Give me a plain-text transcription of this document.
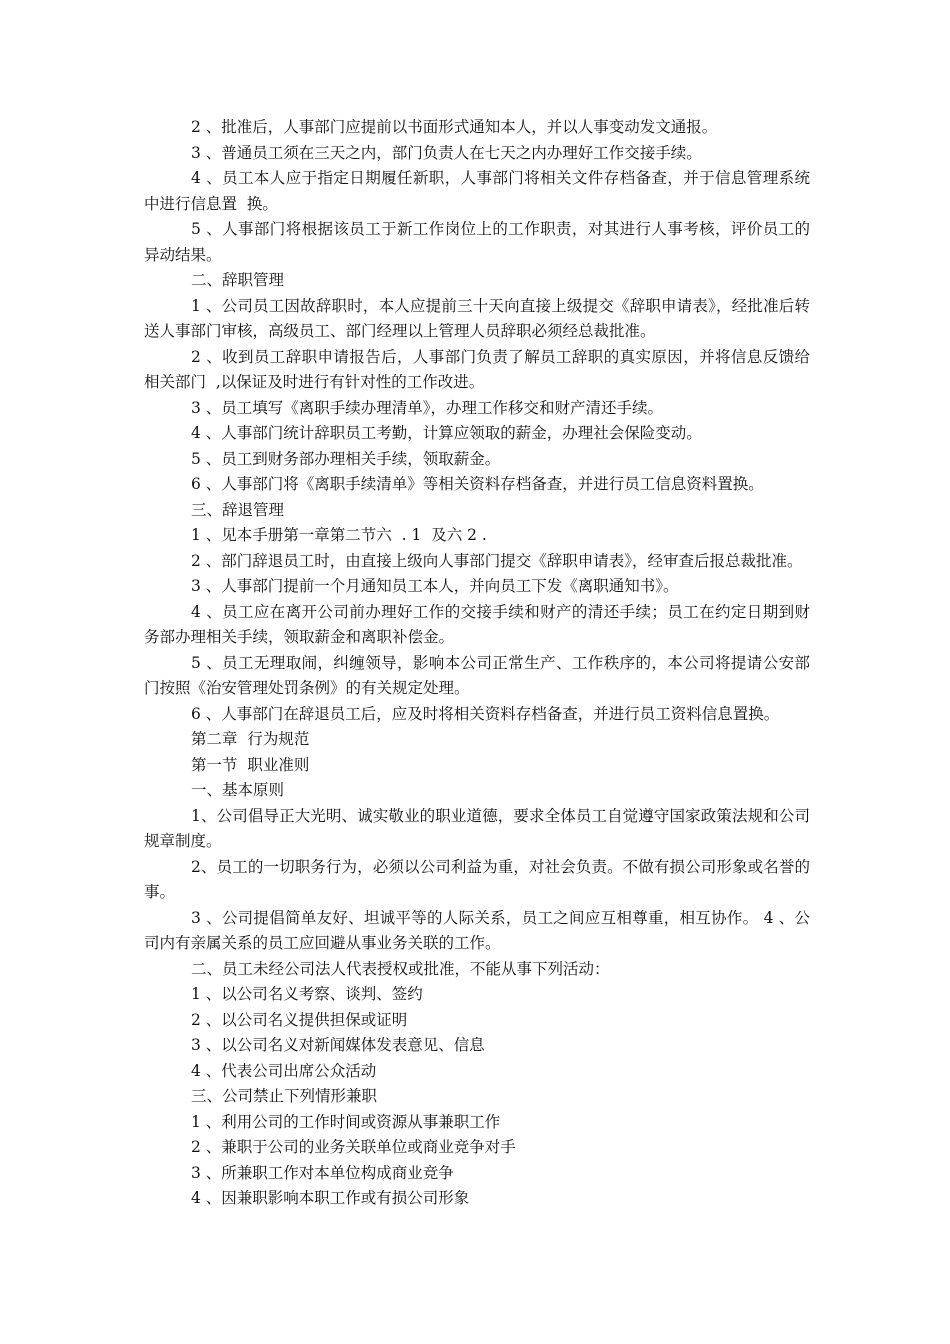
2 、批准后，人事部门应提前以书面形式通知本人，并以人事变动发文通报。

3 、普通员工须在三天之内，部门负责人在七天之内办理好工作交接手续。

4 、员工本人应于指定日期履任新职，人事部门将相关文件存档备查，并于信息管理系统中进行信息置  换。

5 、人事部门将根据该员工于新工作岗位上的工作职责，对其进行人事考核，评价员工的异动结果。

二、辞职管理

1 、公司员工因故辞职时，本人应提前三十天向直接上级提交《辞职申请表》，经批准后转送人事部门审核，高级员工、部门经理以上管理人员辞职必须经总裁批准。

2 、收到员工辞职申请报告后，人事部门负责了解员工辞职的真实原因，并将信息反馈给相关部门  ,以保证及时进行有针对性的工作改进。

3 、员工填写《离职手续办理清单》，办理工作移交和财产清还手续。

4 、人事部门统计辞职员工考勤，计算应领取的薪金，办理社会保险变动。

5 、员工到财务部办理相关手续，领取薪金。

6 、人事部门将《离职手续清单》等相关资料存档备查，并进行员工信息资料置换。

三、辞退管理

1 、见本手册第一章第二节六  . 1  及六 2 .

2 、部门辞退员工时，由直接上级向人事部门提交《辞职申请表》，经审查后报总裁批准。

3 、人事部门提前一个月通知员工本人，并向员工下发《离职通知书》。

4 、员工应在离开公司前办理好工作的交接手续和财产的清还手续；员工在约定日期到财务部办理相关手续，领取薪金和离职补偿金。

5 、员工无理取闹，纠缠领导，影响本公司正常生产、工作秩序的，本公司将提请公安部门按照《治安管理处罚条例》的有关规定处理。

6 、人事部门在辞退员工后，应及时将相关资料存档备查，并进行员工资料信息置换。

第二章  行为规范

第一节  职业准则

一、基本原则

1、公司倡导正大光明、诚实敬业的职业道德，要求全体员工自觉遵守国家政策法规和公司规章制度。

2、员工的一切职务行为，必须以公司利益为重，对社会负责。不做有损公司形象或名誉的事。

3 、公司提倡简单友好、坦诚平等的人际关系，员工之间应互相尊重，相互协作。 4 、公司内有亲属关系的员工应回避从事业务关联的工作。

二、员工未经公司法人代表授权或批准，不能从事下列活动：

1 、以公司名义考察、谈判、签约

2 、以公司名义提供担保或证明

3 、以公司名义对新闻媒体发表意见、信息

4 、代表公司出席公众活动

三、公司禁止下列情形兼职

1 、利用公司的工作时间或资源从事兼职工作

2 、兼职于公司的业务关联单位或商业竞争对手

3 、所兼职工作对本单位构成商业竞争

4 、因兼职影响本职工作或有损公司形象
